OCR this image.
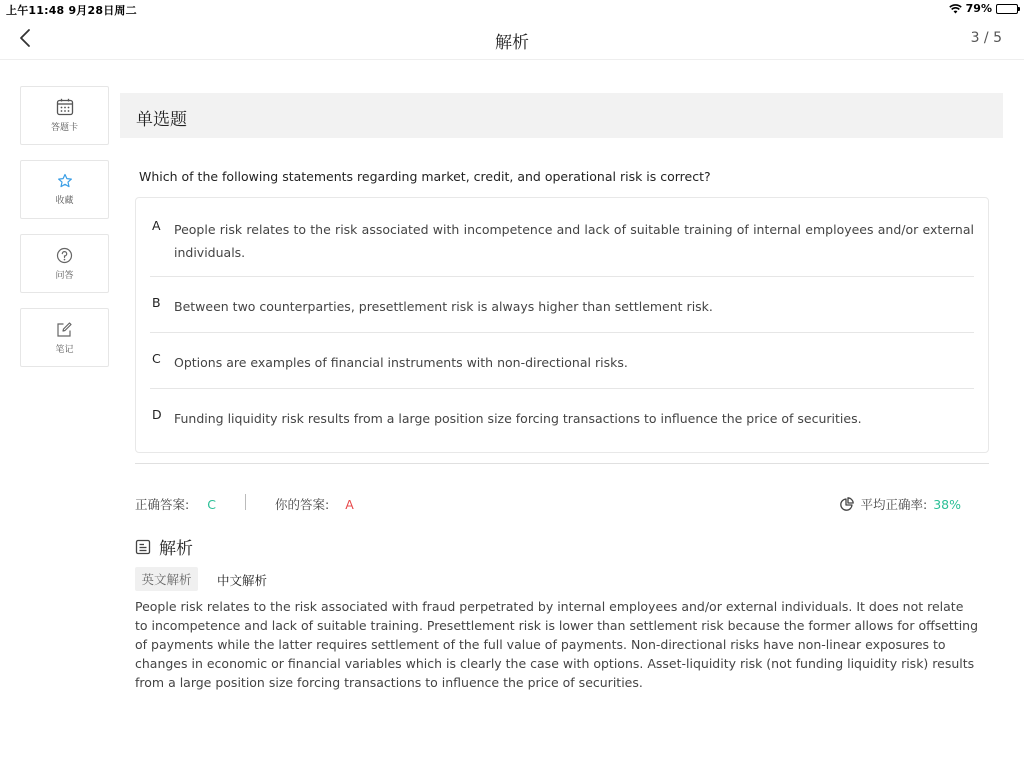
上午11:48 9月28日周二	79%
解析	3 / 5
答题卡
收藏
问答
笔记
单选题
Which of the following statements regarding market, credit, and operational risk is correct?
A People risk relates to the risk associated with incompetence and lack of suitable training of internal employees and/or external individuals.
B Between two counterparties, presettlement risk is always higher than settlement risk.
C Options are examples of financial instruments with non-directional risks.
D Funding liquidity risk results from a large position size forcing transactions to influence the price of securities.
正确答案: C	你的答案: A	平均正确率: 38%
解析
英文解析	中文解析
People risk relates to the risk associated with fraud perpetrated by internal employees and/or external individuals. It does not relate to incompetence and lack of suitable training. Presettlement risk is lower than settlement risk because the former allows for offsetting of payments while the latter requires settlement of the full value of payments. Non-directional risks have non-linear exposures to changes in economic or financial variables which is clearly the case with options. Asset-liquidity risk (not funding liquidity risk) results from a large position size forcing transactions to influence the price of securities.
